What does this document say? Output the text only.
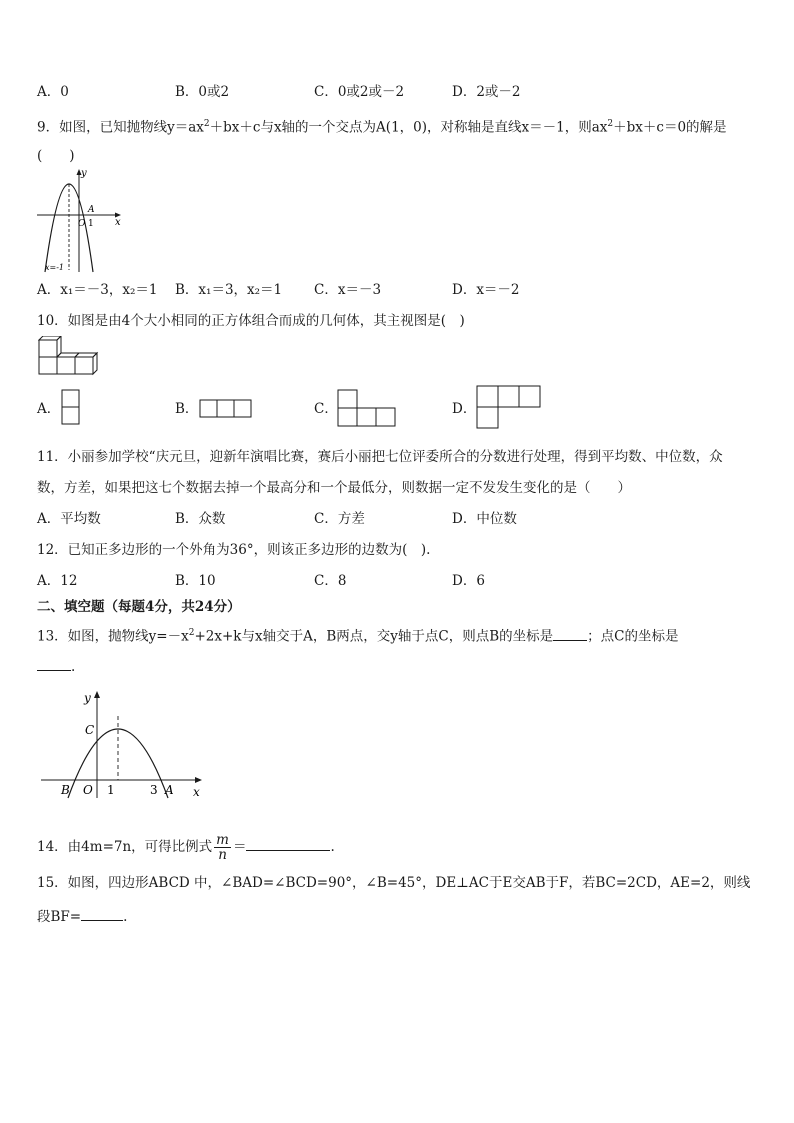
A．0	B．0或2	C．0或2或－2	D．2或－2
9．如图，已知抛物线$y=ax^2+bx+c$与x轴的一个交点为A(1，0)，对称轴是直线x＝－1，则$ax^2+bx+c=0$的解是
(　　)
y
x
A
O 1
x=-1
A．x₁＝－3，x₂＝1 B．x₁＝3，x₂＝1 C．x＝－3	D．x＝－2
10．如图是由4个大小相同的正方体组合而成的几何体，其主视图是(　)
A．	B．	C．	D．
11．小丽参加学校“庆元旦，迎新年演唱比赛，赛后小丽把七位评委所合的分数进行处理，得到平均数、中位数，众
数，方差，如果把这七个数据去掉一个最高分和一个最低分，则数据一定不发发生变化的是（　　）
A．平均数	B．众数	C．方差	D．中位数
12．已知正多边形的一个外角为36°，则该正多边形的边数为(　).
A．12	B．10	C．8	D．6
二、填空题（每题4分，共24分）
13．如图，抛物线$y=-x^2+2x+k$与x轴交于A，B两点，交y轴于点C，则点B的坐标是	；点C的坐标是
.
y
x
C
B O 1	3 A
14．由4m=7n，可得比例式 $\frac{m}{n}$ ＝	.
15．如图，四边形ABCD 中，∠BAD=∠BCD=90°，∠B=45°，DE⊥AC于E交AB于F，若BC=2CD，AE=2，则线
段BF=	.
